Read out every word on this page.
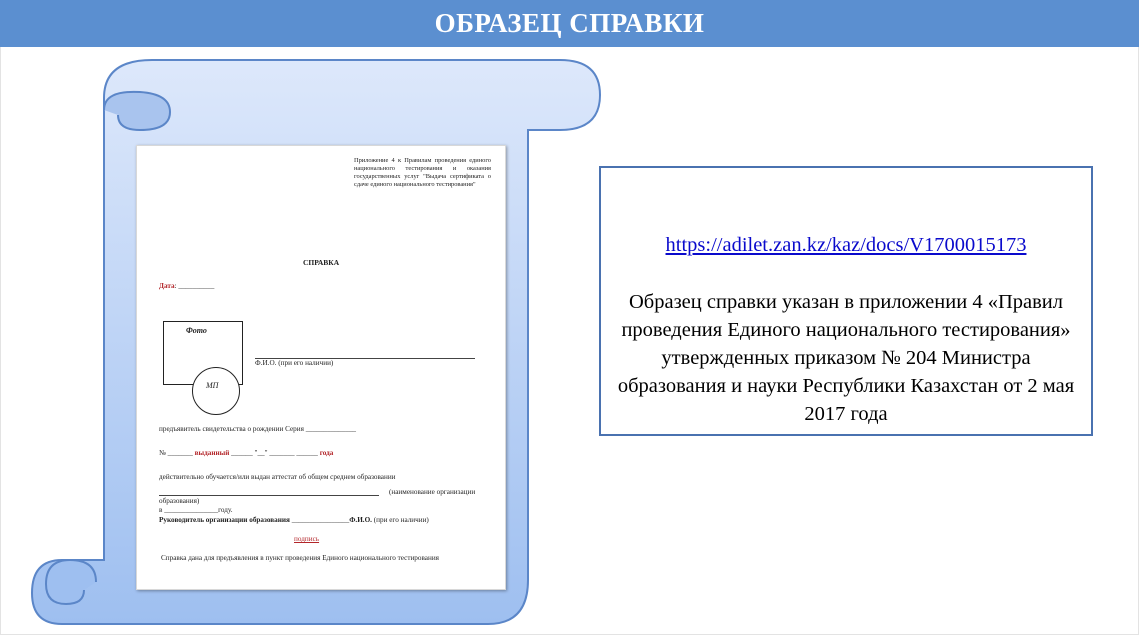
ОБРАЗЕЦ СПРАВКИ
Приложение 4 к Правилам проведения единого национального тестирования и оказания государственных услуг "Выдача сертификата о сдаче единого национального тестирования"
СПРАВКА
Дата: __________
Фото
МП
Ф.И.О. (при его наличии)
предъявитель свидетельства о рождении Серия ______________
№ _______ выданный ______ "__" _______ ______ года
действительно обучается/или выдан аттестат об общем среднем образовании
(наименование организации
образования)
в _______________году.
Руководитель организации образования ________________Ф.И.О. (при его наличии)
подпись
Справка дана для предъявления в пункт проведения Единого национального тестирования
https://adilet.zan.kz/kaz/docs/V1700015173

Образец справки указан в приложении 4 «Правил проведения Единого национального тестирования» утвержденных приказом № 204 Министра образования и науки Республики Казахстан от 2 мая 2017 года
